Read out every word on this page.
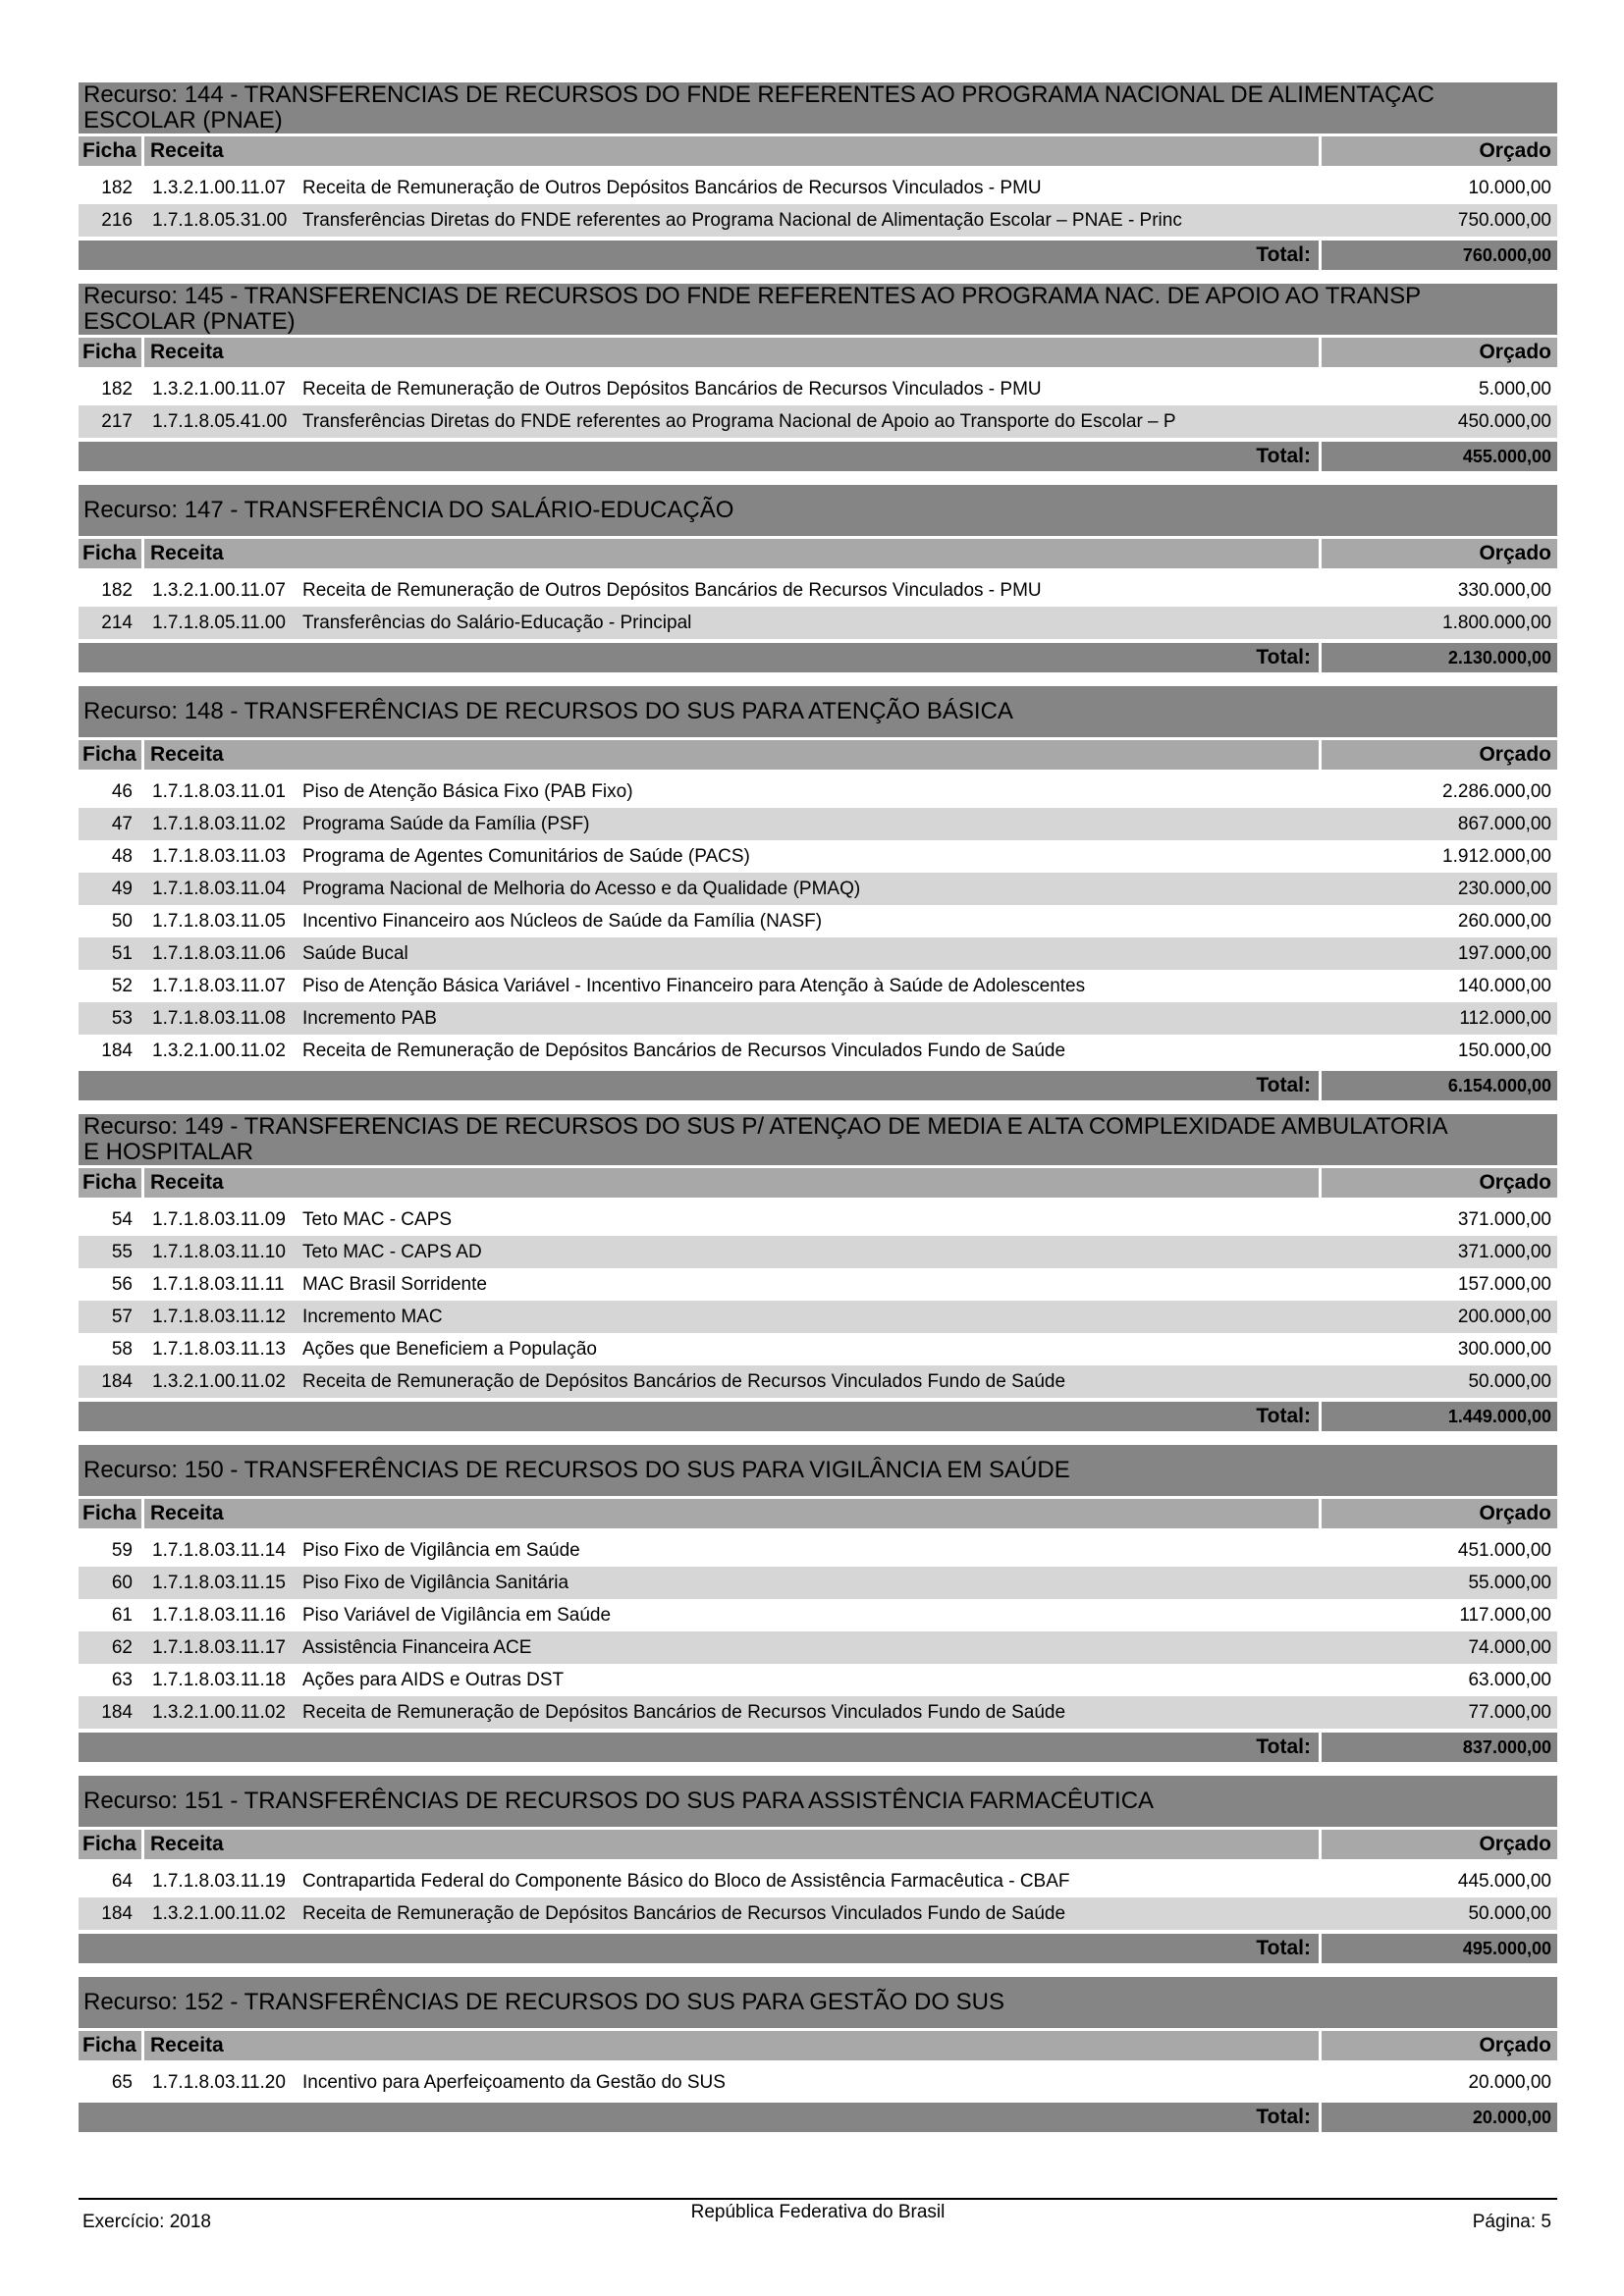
Recurso: 144 - TRANSFERENCIAS DE RECURSOS DO FNDE REFERENTES AO PROGRAMA NACIONAL DE ALIMENTAÇAC
ESCOLAR (PNAE)
Ficha Receita	Orçado
182	1.3.2.1.00.11.07 Receita de Remuneração de Outros Depósitos Bancários de Recursos Vinculados - PMU	10.000,00
216	1.7.1.8.05.31.00 Transferências Diretas do FNDE referentes ao Programa Nacional de Alimentação Escolar – PNAE - Princ	750.000,00
Total:	760.000,00
Recurso: 145 - TRANSFERENCIAS DE RECURSOS DO FNDE REFERENTES AO PROGRAMA NAC. DE APOIO AO TRANSP
ESCOLAR (PNATE)
Ficha Receita	Orçado
182	1.3.2.1.00.11.07 Receita de Remuneração de Outros Depósitos Bancários de Recursos Vinculados - PMU	5.000,00
217	1.7.1.8.05.41.00 Transferências Diretas do FNDE referentes ao Programa Nacional de Apoio ao Transporte do Escolar – P	450.000,00
Total:	455.000,00
Recurso: 147 - TRANSFERÊNCIA DO SALÁRIO-EDUCAÇÃO
Ficha Receita	Orçado
182	1.3.2.1.00.11.07 Receita de Remuneração de Outros Depósitos Bancários de Recursos Vinculados - PMU	330.000,00
214	1.7.1.8.05.11.00 Transferências do Salário-Educação - Principal	1.800.000,00
Total:	2.130.000,00
Recurso: 148 - TRANSFERÊNCIAS DE RECURSOS DO SUS PARA ATENÇÃO BÁSICA
Ficha Receita	Orçado
46	1.7.1.8.03.11.01 Piso de Atenção Básica Fixo (PAB Fixo)	2.286.000,00
47	1.7.1.8.03.11.02 Programa Saúde da Família (PSF)	867.000,00
48	1.7.1.8.03.11.03 Programa de Agentes Comunitários de Saúde (PACS)	1.912.000,00
49	1.7.1.8.03.11.04 Programa Nacional de Melhoria do Acesso e da Qualidade (PMAQ)	230.000,00
50	1.7.1.8.03.11.05 Incentivo Financeiro aos Núcleos de Saúde da Família (NASF)	260.000,00
51	1.7.1.8.03.11.06 Saúde Bucal	197.000,00
52	1.7.1.8.03.11.07 Piso de Atenção Básica Variável - Incentivo Financeiro para Atenção à Saúde de Adolescentes	140.000,00
53	1.7.1.8.03.11.08 Incremento PAB	112.000,00
184	1.3.2.1.00.11.02 Receita de Remuneração de Depósitos Bancários de Recursos Vinculados Fundo de Saúde	150.000,00
Total:	6.154.000,00
Recurso: 149 - TRANSFERENCIAS DE RECURSOS DO SUS P/ ATENÇAO DE MEDIA E ALTA COMPLEXIDADE AMBULATORIA
E HOSPITALAR
Ficha Receita	Orçado
54	1.7.1.8.03.11.09 Teto MAC - CAPS	371.000,00
55	1.7.1.8.03.11.10 Teto MAC - CAPS AD	371.000,00
56	1.7.1.8.03.11.11 MAC Brasil Sorridente	157.000,00
57	1.7.1.8.03.11.12 Incremento MAC	200.000,00
58	1.7.1.8.03.11.13 Ações que Beneficiem a População	300.000,00
184	1.3.2.1.00.11.02 Receita de Remuneração de Depósitos Bancários de Recursos Vinculados Fundo de Saúde	50.000,00
Total:	1.449.000,00
Recurso: 150 - TRANSFERÊNCIAS DE RECURSOS DO SUS PARA VIGILÂNCIA EM SAÚDE
Ficha Receita	Orçado
59	1.7.1.8.03.11.14 Piso Fixo de Vigilância em Saúde	451.000,00
60	1.7.1.8.03.11.15 Piso Fixo de Vigilância Sanitária	55.000,00
61	1.7.1.8.03.11.16 Piso Variável de Vigilância em Saúde	117.000,00
62	1.7.1.8.03.11.17 Assistência Financeira ACE	74.000,00
63	1.7.1.8.03.11.18 Ações para AIDS e Outras DST	63.000,00
184	1.3.2.1.00.11.02 Receita de Remuneração de Depósitos Bancários de Recursos Vinculados Fundo de Saúde	77.000,00
Total:	837.000,00
Recurso: 151 - TRANSFERÊNCIAS DE RECURSOS DO SUS PARA ASSISTÊNCIA FARMACÊUTICA
Ficha Receita	Orçado
64	1.7.1.8.03.11.19 Contrapartida Federal do Componente Básico do Bloco de Assistência Farmacêutica - CBAF	445.000,00
184	1.3.2.1.00.11.02 Receita de Remuneração de Depósitos Bancários de Recursos Vinculados Fundo de Saúde	50.000,00
Total:	495.000,00
Recurso: 152 - TRANSFERÊNCIAS DE RECURSOS DO SUS PARA GESTÃO DO SUS
Ficha Receita	Orçado
65	1.7.1.8.03.11.20 Incentivo para Aperfeiçoamento da Gestão do SUS	20.000,00
Total:	20.000,00
Exercício: 2018	República Federativa do Brasil	Página: 5
